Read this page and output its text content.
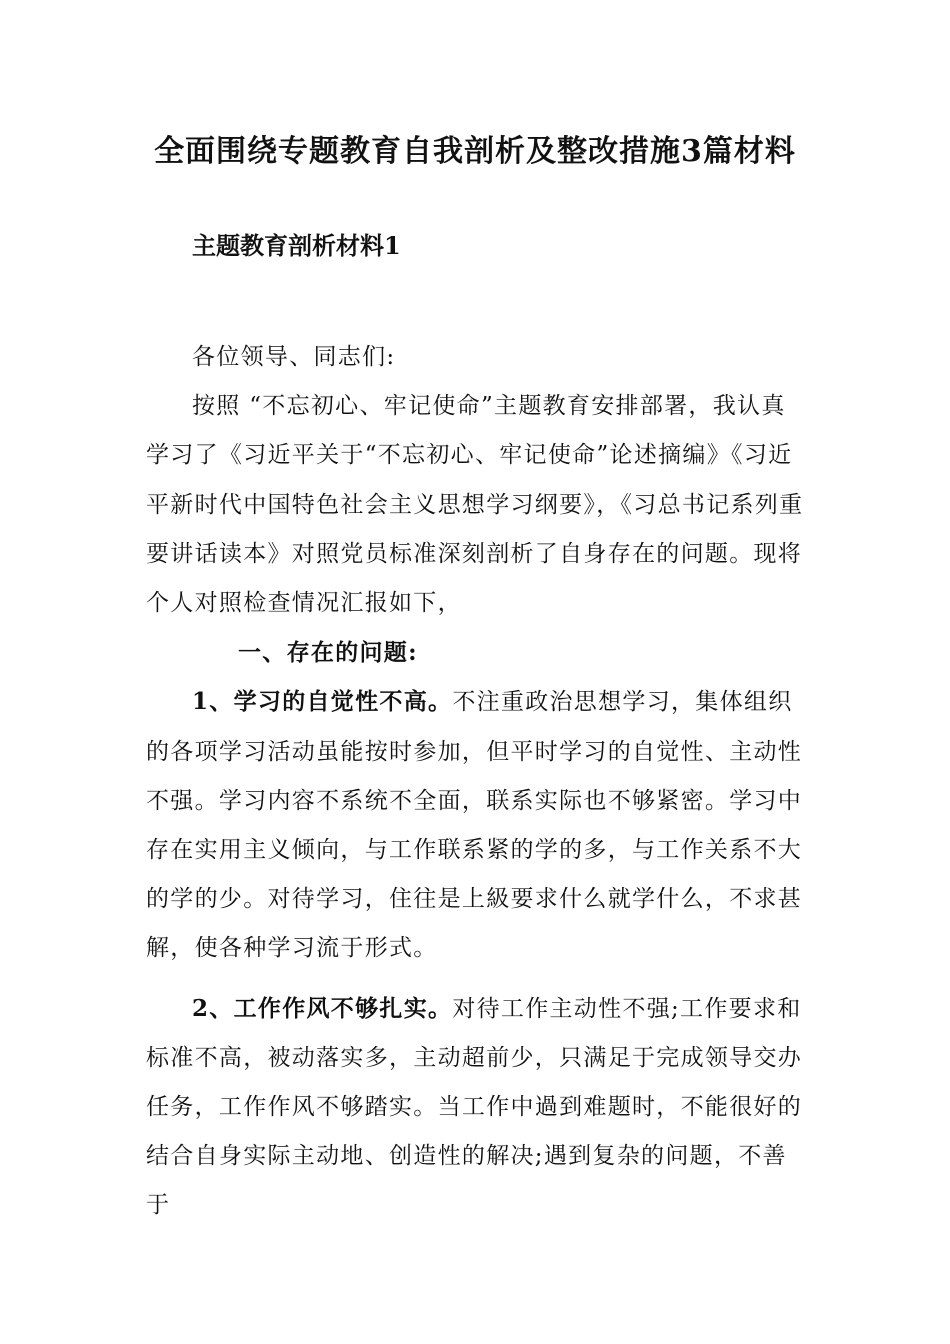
全面围绕专题教育自我剖析及整改措施3篇材料
主题教育剖析材料1

各位领导、同志们:

按照 “不忘初心、牢记使命”主题教育安排部署，我认真学习了《习近平关于“不忘初心、牢记使命”论述摘编》《习近平新时代中国特色社会主义思想学习纲要》，《习总书记系列重要讲话读本》对照党员标准深刻剖析了自身存在的问题。现将个人对照检查情况汇报如下，

一、存在的问题:

1、学习的自觉性不高。不注重政治思想学习，集体组织的各项学习活动虽能按时参加，但平时学习的自觉性、主动性不强。学习内容不系统不全面，联系实际也不够紧密。学习中存在实用主义倾向，与工作联系紧的学的多，与工作关系不大的学的少。对待学习，住往是上級要求什么就学什么，不求甚解，使各种学习流于形式。

2、工作作风不够扎实。对待工作主动性不强;工作要求和标准不高，被动落实多，主动超前少，只满足于完成领导交办任务，工作作风不够踏实。当工作中過到难题时，不能很好的结合自身实际主动地、创造性的解决;遇到复杂的问题，不善于
